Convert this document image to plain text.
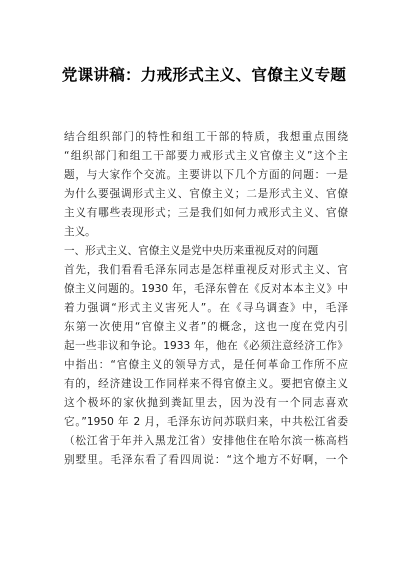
党课讲稿：力戒形式主义、官僚主义专题
结合组织部门的特性和组工干部的特质，我想重点围绕
“组织部门和组工干部要力戒形式主义官僚主义”这个主
题，与大家作个交流。主要讲以下几个方面的问题：一是
为什么要强调形式主义、官僚主义；二是形式主义、官僚
主义有哪些表现形式；三是我们如何力戒形式主义、官僚
主义。
一、形式主义、官僚主义是党中央历来重视反对的问题
首先，我们看看毛泽东同志是怎样重视反对形式主义、官
僚主义问题的。1930 年，毛泽东曾在《反对本本主义》中
着力强调“形式主义害死人”。在《寻乌调查》中，毛泽
东第一次使用“官僚主义者”的概念，这也一度在党内引
起一些非议和争论。1933 年，他在《必须注意经济工作》
中指出：“官僚主义的领导方式，是任何革命工作所不应
有的，经济建设工作同样来不得官僚主义。要把官僚主义
这个极坏的家伙抛到粪缸里去，因为没有一个同志喜欢
它。”1950 年 2 月，毛泽东访问苏联归来，中共松江省委
（松江省于年并入黑龙江省）安排他住在哈尔滨一栋高档
别墅里。毛泽东看了看四周说：“这个地方不好啊，一个
